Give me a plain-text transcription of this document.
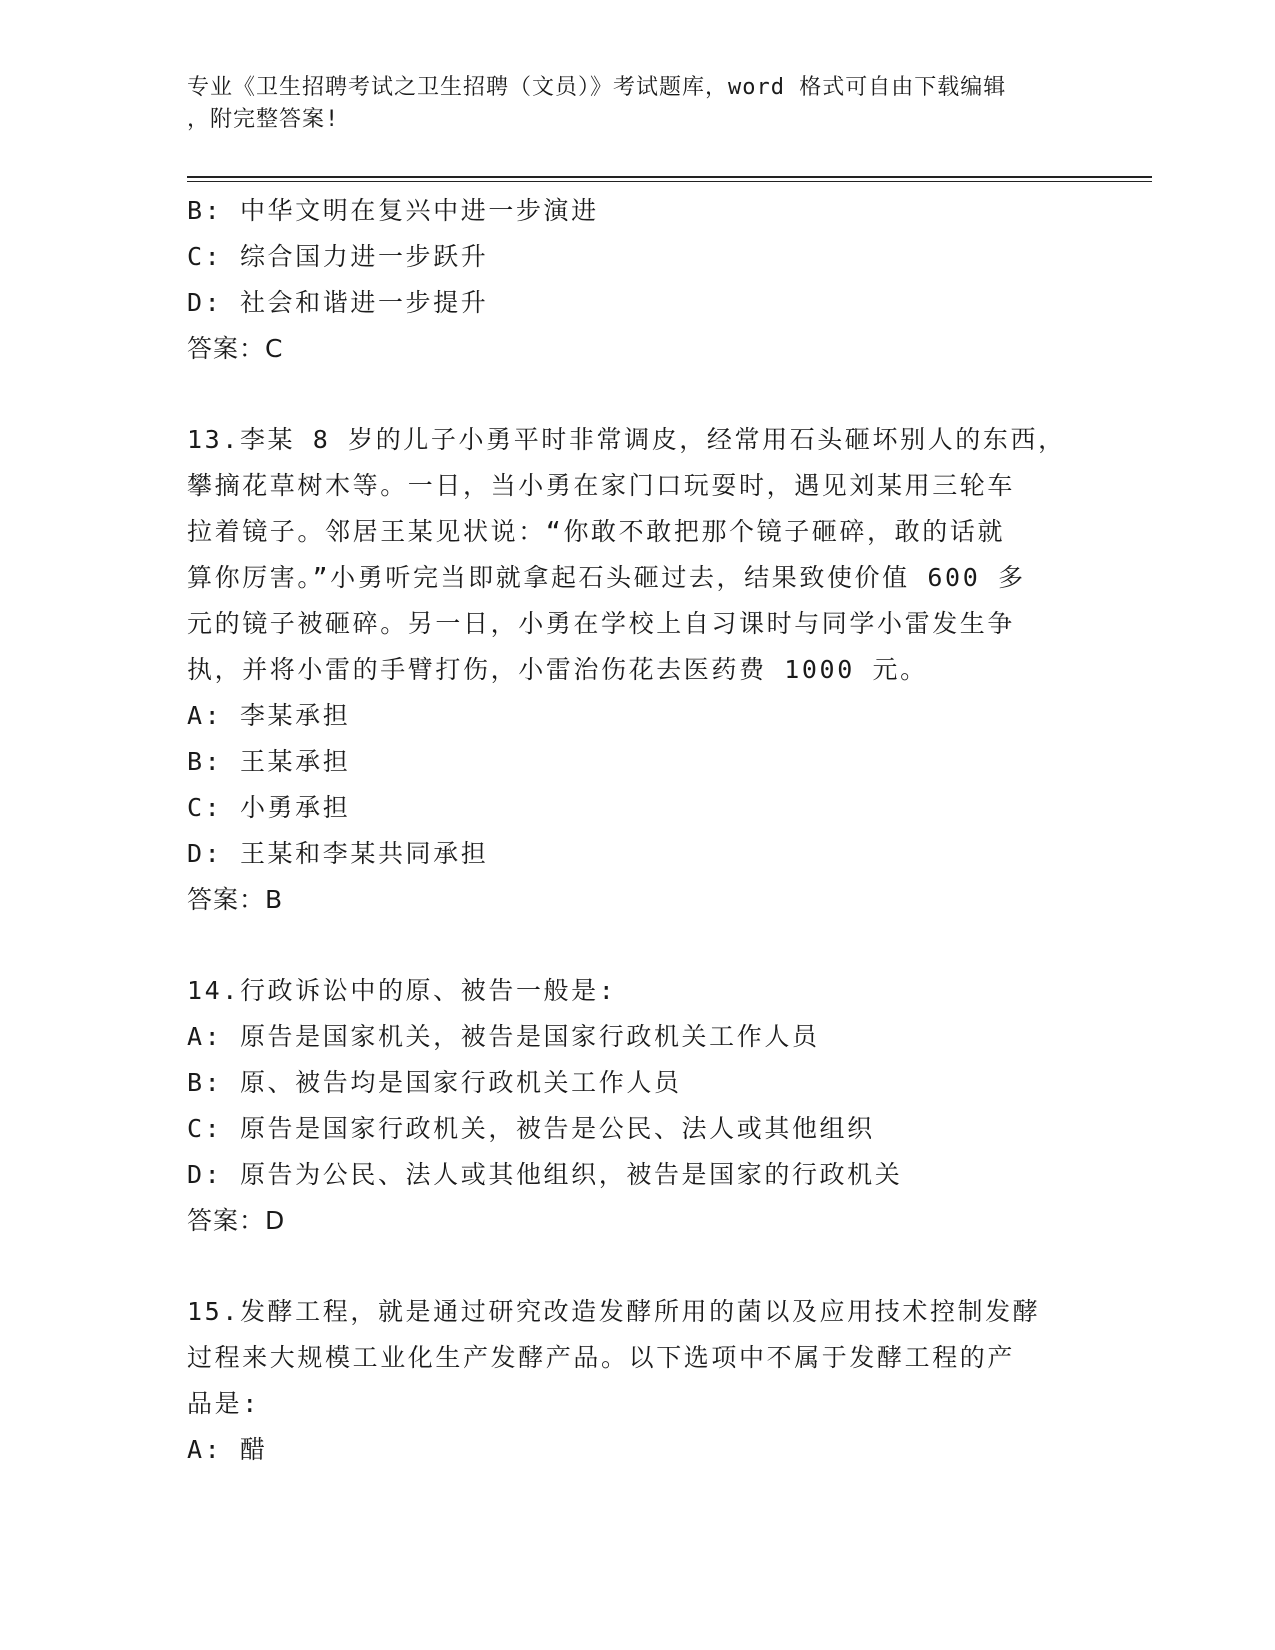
专业《卫生招聘考试之卫生招聘（文员）》考试题库，word 格式可自由下载编辑
，附完整答案!
B: 中华文明在复兴中进一步演进
C: 综合国力进一步跃升
D: 社会和谐进一步提升
答案：C
13.李某 8 岁的儿子小勇平时非常调皮，经常用石头砸坏别人的东西，
攀摘花草树木等。一日，当小勇在家门口玩耍时，遇见刘某用三轮车
拉着镜子。邻居王某见状说：“你敢不敢把那个镜子砸碎，敢的话就
算你厉害。”小勇听完当即就拿起石头砸过去，结果致使价值 600 多
元的镜子被砸碎。另一日，小勇在学校上自习课时与同学小雷发生争
执，并将小雷的手臂打伤，小雷治伤花去医药费 1000 元。
A: 李某承担
B: 王某承担
C: 小勇承担
D: 王某和李某共同承担
答案：B
14.行政诉讼中的原、被告一般是:
A: 原告是国家机关，被告是国家行政机关工作人员
B: 原、被告均是国家行政机关工作人员
C: 原告是国家行政机关，被告是公民、法人或其他组织
D: 原告为公民、法人或其他组织，被告是国家的行政机关
答案：D
15.发酵工程，就是通过研究改造发酵所用的菌以及应用技术控制发酵
过程来大规模工业化生产发酵产品。以下选项中不属于发酵工程的产
品是:
A: 醋
